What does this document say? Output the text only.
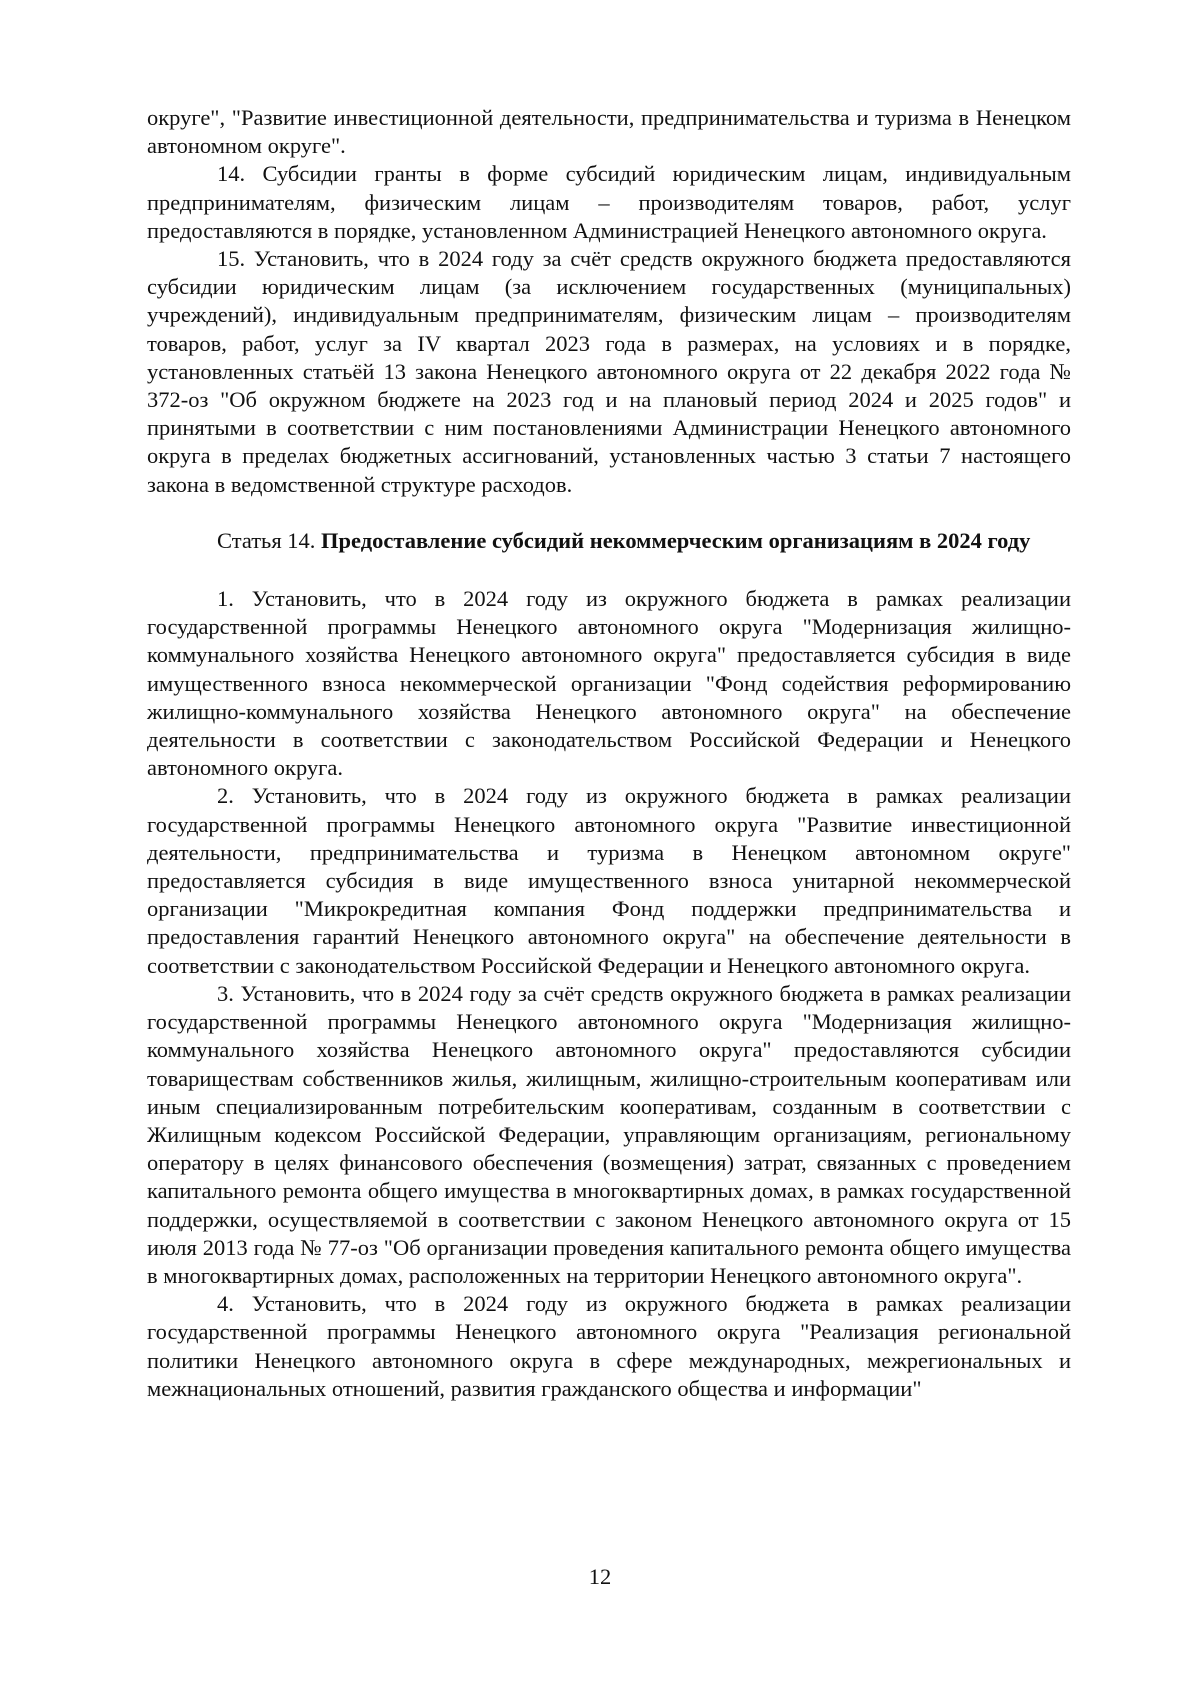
округе", "Развитие инвестиционной деятельности, предпринимательства и туризма в Ненецком автономном округе".

14. Субсидии гранты в форме субсидий юридическим лицам, индивидуальным предпринимателям, физическим лицам – производителям товаров, работ, услуг предоставляются в порядке, установленном Администрацией Ненецкого автономного округа.

15. Установить, что в 2024 году за счёт средств окружного бюджета предоставляются субсидии юридическим лицам (за исключением государственных (муниципальных) учреждений), индивидуальным предпринимателям, физическим лицам – производителям товаров, работ, услуг за IV квартал 2023 года в размерах, на условиях и в порядке, установленных статьёй 13 закона Ненецкого автономного округа от 22 декабря 2022 года № 372-оз "Об окружном бюджете на 2023 год и на плановый период 2024 и 2025 годов" и принятыми в соответствии с ним постановлениями Администрации Ненецкого автономного округа в пределах бюджетных ассигнований, установленных частью 3 статьи 7 настоящего закона в ведомственной структуре расходов.

Статья 14. Предоставление субсидий некоммерческим организациям в 2024 году

1. Установить, что в 2024 году из окружного бюджета в рамках реализации государственной программы Ненецкого автономного округа "Модернизация жилищно-коммунального хозяйства Ненецкого автономного округа" предоставляется субсидия в виде имущественного взноса некоммерческой организации "Фонд содействия реформированию жилищно-коммунального хозяйства Ненецкого автономного округа" на обеспечение деятельности в соответствии с законодательством Российской Федерации и Ненецкого автономного округа.

2. Установить, что в 2024 году из окружного бюджета в рамках реализации государственной программы Ненецкого автономного округа "Развитие инвестиционной деятельности, предпринимательства и туризма в Ненецком автономном округе" предоставляется субсидия в виде имущественного взноса унитарной некоммерческой организации "Микрокредитная компания Фонд поддержки предпринимательства и предоставления гарантий Ненецкого автономного округа" на обеспечение деятельности в соответствии с законодательством Российской Федерации и Ненецкого автономного округа.

3. Установить, что в 2024 году за счёт средств окружного бюджета в рамках реализации государственной программы Ненецкого автономного округа "Модернизация жилищно-коммунального хозяйства Ненецкого автономного округа" предоставляются субсидии товариществам собственников жилья, жилищным, жилищно-строительным кооперативам или иным специализированным потребительским кооперативам, созданным в соответствии с Жилищным кодексом Российской Федерации, управляющим организациям, региональному оператору в целях финансового обеспечения (возмещения) затрат, связанных с проведением капитального ремонта общего имущества в многоквартирных домах, в рамках государственной поддержки, осуществляемой в соответствии с законом Ненецкого автономного округа от 15 июля 2013 года № 77-оз "Об организации проведения капитального ремонта общего имущества в многоквартирных домах, расположенных на территории Ненецкого автономного округа".

4. Установить, что в 2024 году из окружного бюджета в рамках реализации государственной программы Ненецкого автономного округа "Реализация региональной политики Ненецкого автономного округа в сфере международных, межрегиональных и межнациональных отношений, развития гражданского общества и информации"

12
